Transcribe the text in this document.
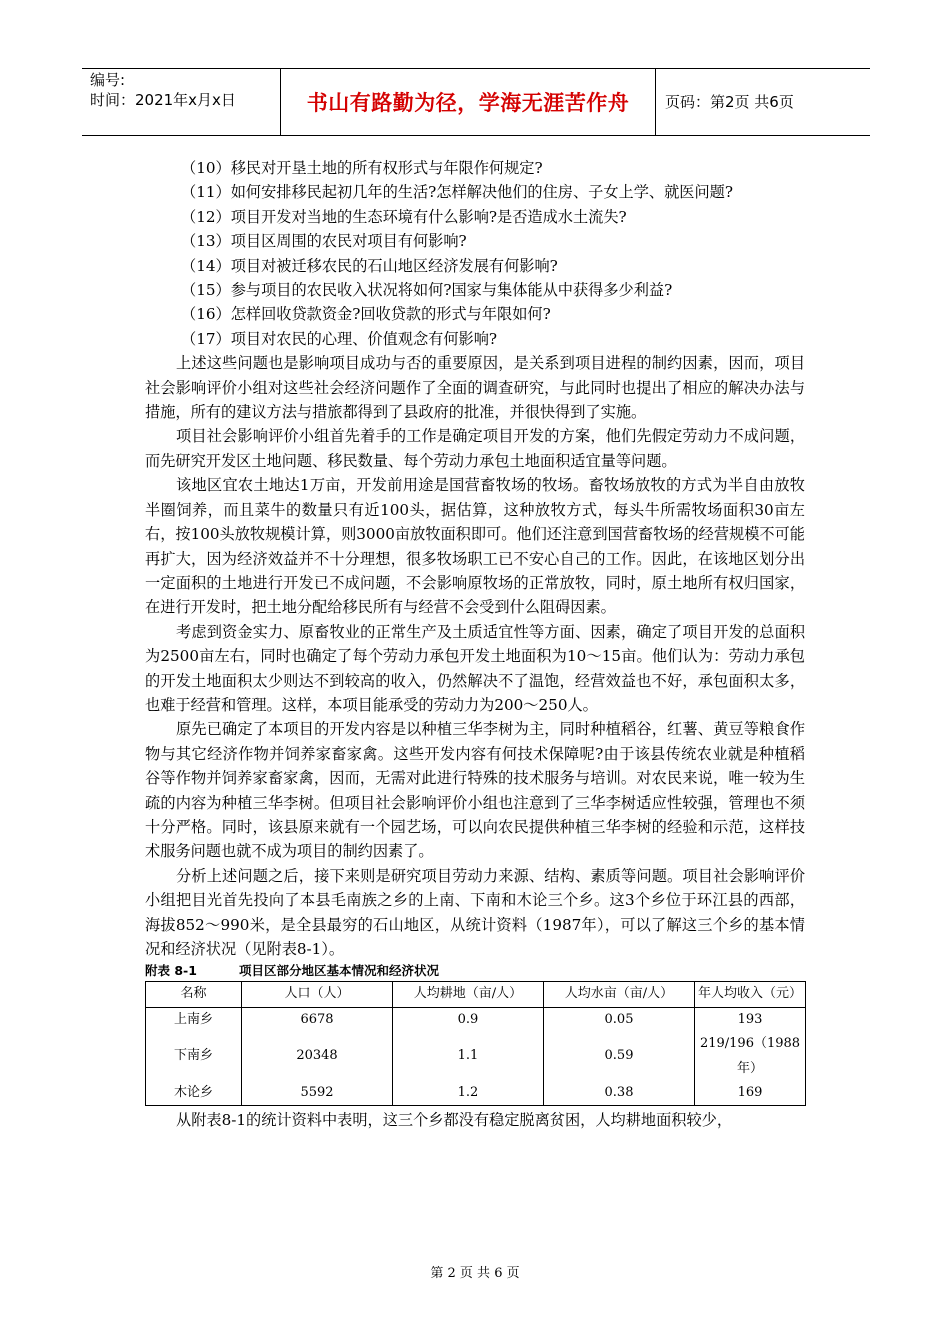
编号:
时间：2021年x月x日	书山有路勤为径，学海无涯苦作舟	页码：第2页 共6页
（10）移民对开垦土地的所有权形式与年限作何规定?
（11）如何安排移民起初几年的生活?怎样解决他们的住房、子女上学、就医问题?
（12）项目开发对当地的生态环境有什么影响?是否造成水土流失?
（13）项目区周围的农民对项目有何影响?
（14）项目对被迁移农民的石山地区经济发展有何影响?
（15）参与项目的农民收入状况将如何?国家与集体能从中获得多少利益?
（16）怎样回收贷款资金?回收贷款的形式与年限如何?
（17）项目对农民的心理、价值观念有何影响?
上述这些问题也是影响项目成功与否的重要原因，是关系到项目进程的制约因素，因而，项目社会影响评价小组对这些社会经济问题作了全面的调查研究，与此同时也提出了相应的解决办法与措施，所有的建议方法与措旅都得到了县政府的批准，并很快得到了实施。
项目社会影响评价小组首先着手的工作是确定项目开发的方案，他们先假定劳动力不成问题，而先研究开发区土地问题、移民数量、每个劳动力承包土地面积适宜量等问题。
该地区宜农土地达1万亩，开发前用途是国营畜牧场的牧场。畜牧场放牧的方式为半自由放牧半圈饲养，而且菜牛的数量只有近100头，据估算，这种放牧方式，每头牛所需牧场面积30亩左右，按100头放牧规模计算，则3000亩放牧面积即可。他们还注意到国营畜牧场的经营规模不可能再扩大，因为经济效益并不十分理想，很多牧场职工已不安心自己的工作。因此，在该地区划分出一定面积的土地进行开发已不成问题，不会影响原牧场的正常放牧，同时，原土地所有权归国家，在进行开发时，把土地分配给移民所有与经营不会受到什么阻碍因素。
考虑到资金实力、原畜牧业的正常生产及土质适宜性等方面、因素，确定了项目开发的总面积为2500亩左右，同时也确定了每个劳动力承包开发土地面积为10～15亩。他们认为：劳动力承包的开发土地面积太少则达不到较高的收入，仍然解决不了温饱，经营效益也不好，承包面积太多，也难于经营和管理。这样，本项目能承受的劳动力为200～250人。
原先已确定了本项目的开发内容是以种植三华李树为主，同时种植稻谷，红薯、黄豆等粮食作物与其它经济作物并饲养家畜家禽。这些开发内容有何技术保障呢?由于该县传统农业就是种植稻谷等作物并饲养家畜家禽，因而，无需对此进行特殊的技术服务与培训。对农民来说，唯一较为生疏的内容为种植三华李树。但项目社会影响评价小组也注意到了三华李树适应性较强，管理也不须十分严格。同时，该县原来就有一个园艺场，可以向农民提供种植三华李树的经验和示范，这样技术服务问题也就不成为项目的制约因素了。
分析上述问题之后，接下来则是研究项目劳动力来源、结构、素质等问题。项目社会影响评价小组把目光首先投向了本县毛南族之乡的上南、下南和木论三个乡。这3个乡位于环江县的西部，海拔852～990米，是全县最穷的石山地区，从统计资料（1987年），可以了解这三个乡的基本情况和经济状况（见附表8-1）。
附表 8-1	项目区部分地区基本情况和经济状况
名称	人口（人）	人均耕地（亩/人）	人均水亩（亩/人）	年人均收入（元）
上南乡	6678	0.9	0.05	193
下南乡	20348	1.1	0.59	219/196（1988年）
木论乡	5592	1.2	0.38	169
从附表8-1的统计资料中表明，这三个乡都没有稳定脱离贫困，人均耕地面积较少，
第 2 页 共 6 页
